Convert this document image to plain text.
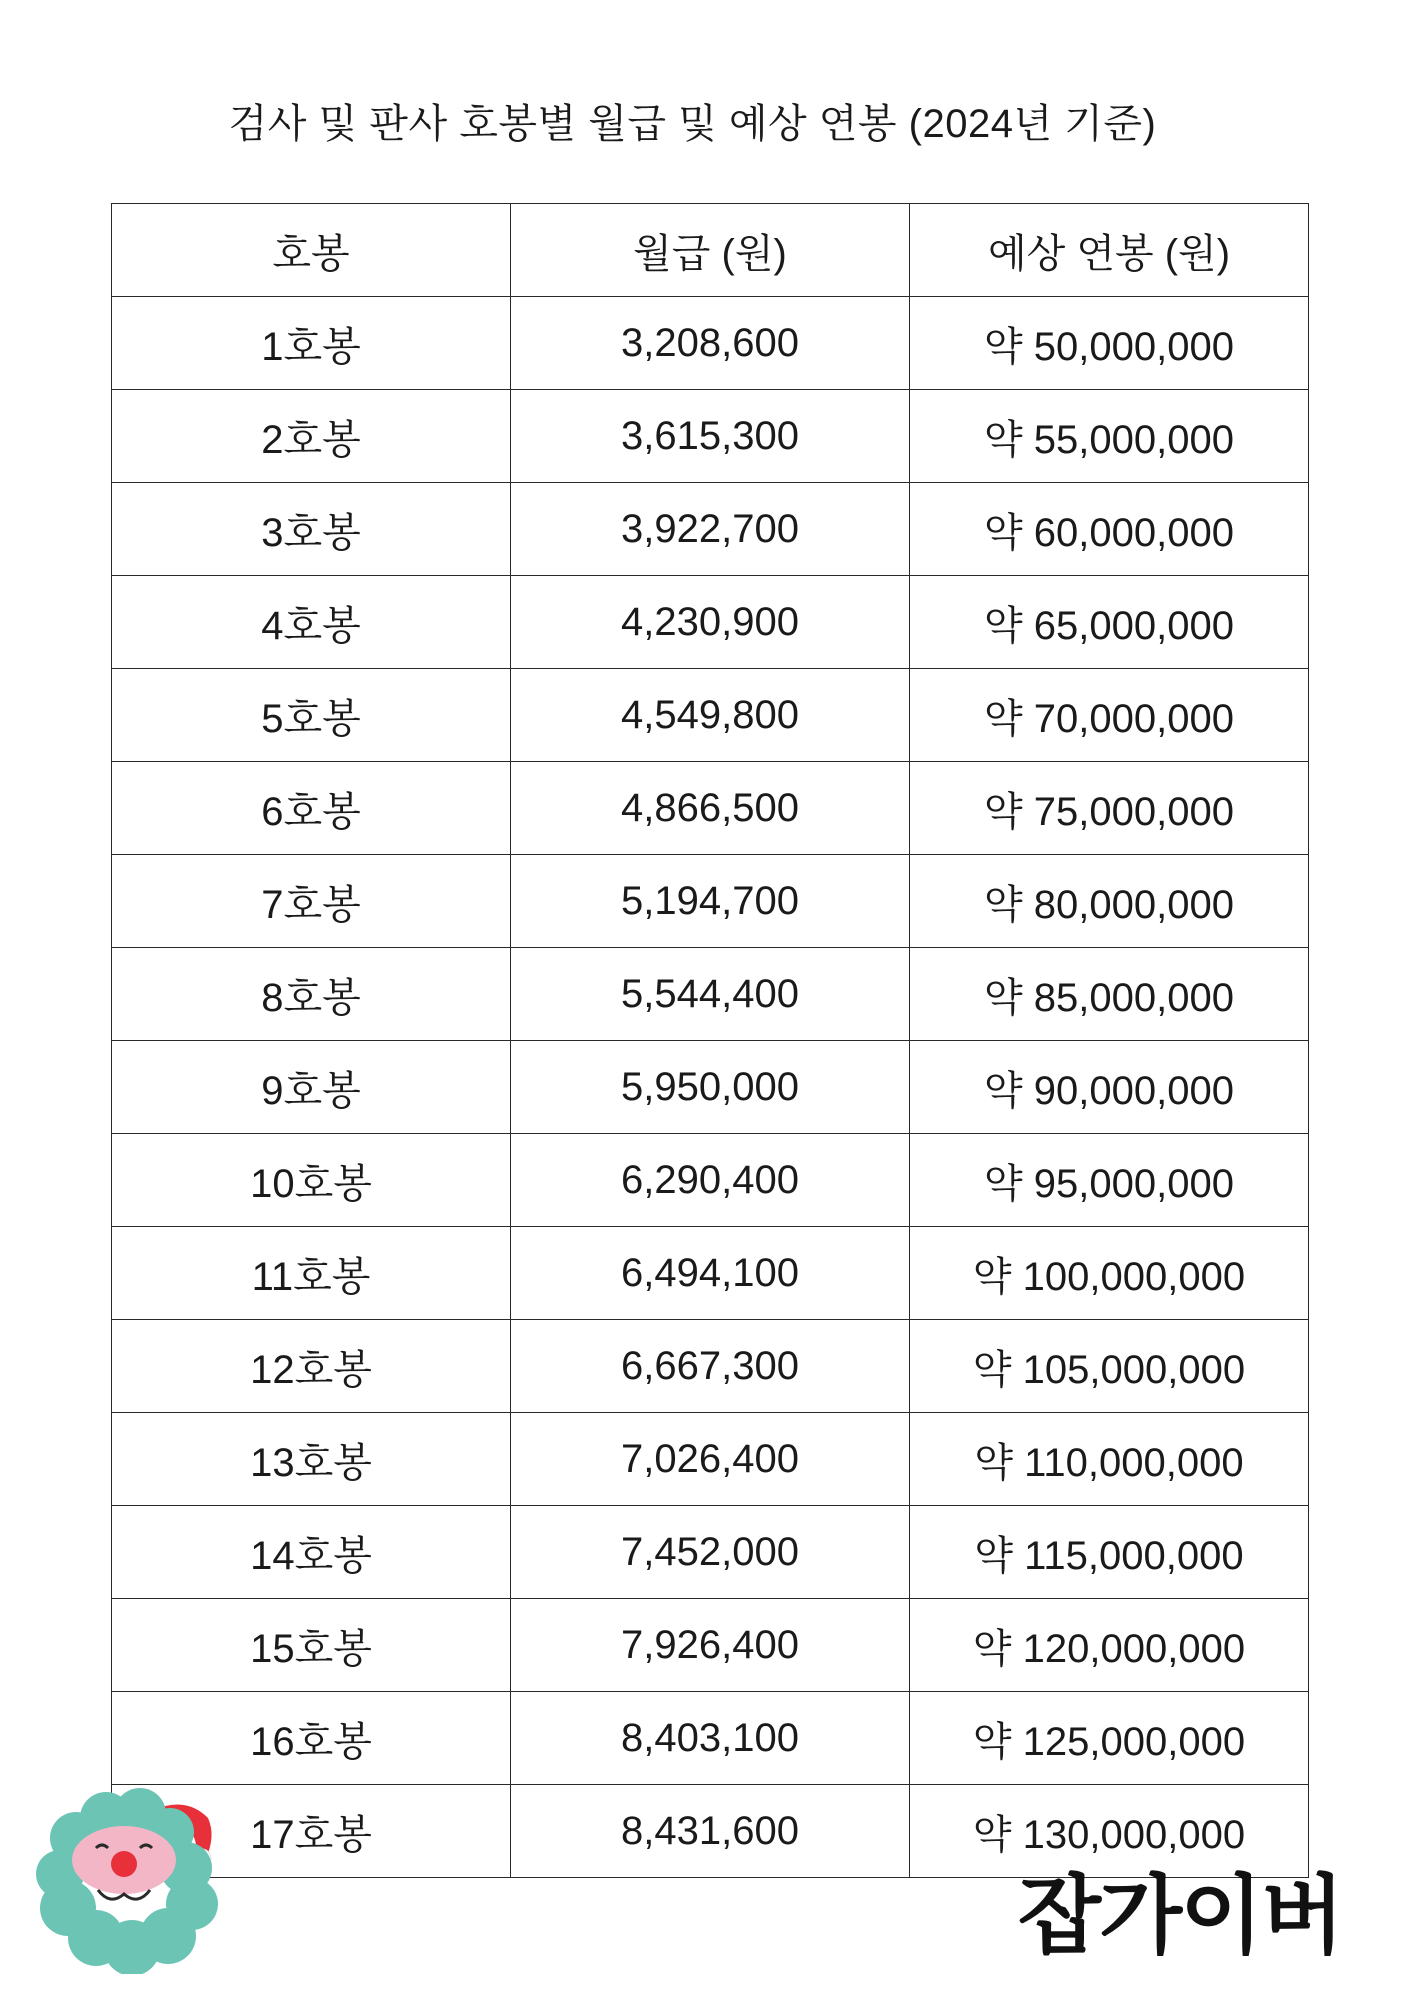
검사 및 판사 호봉별 월급 및 예상 연봉 (2024년 기준)
호봉	월급 (원)	예상 연봉 (원)
1호봉	3,208,600	약 50,000,000
2호봉	3,615,300	약 55,000,000
3호봉	3,922,700	약 60,000,000
4호봉	4,230,900	약 65,000,000
5호봉	4,549,800	약 70,000,000
6호봉	4,866,500	약 75,000,000
7호봉	5,194,700	약 80,000,000
8호봉	5,544,400	약 85,000,000
9호봉	5,950,000	약 90,000,000
10호봉	6,290,400	약 95,000,000
11호봉	6,494,100	약 100,000,000
12호봉	6,667,300	약 105,000,000
13호봉	7,026,400	약 110,000,000
14호봉	7,452,000	약 115,000,000
15호봉	7,926,400	약 120,000,000
16호봉	8,403,100	약 125,000,000
17호봉	8,431,600	약 130,000,000
잡가이버
